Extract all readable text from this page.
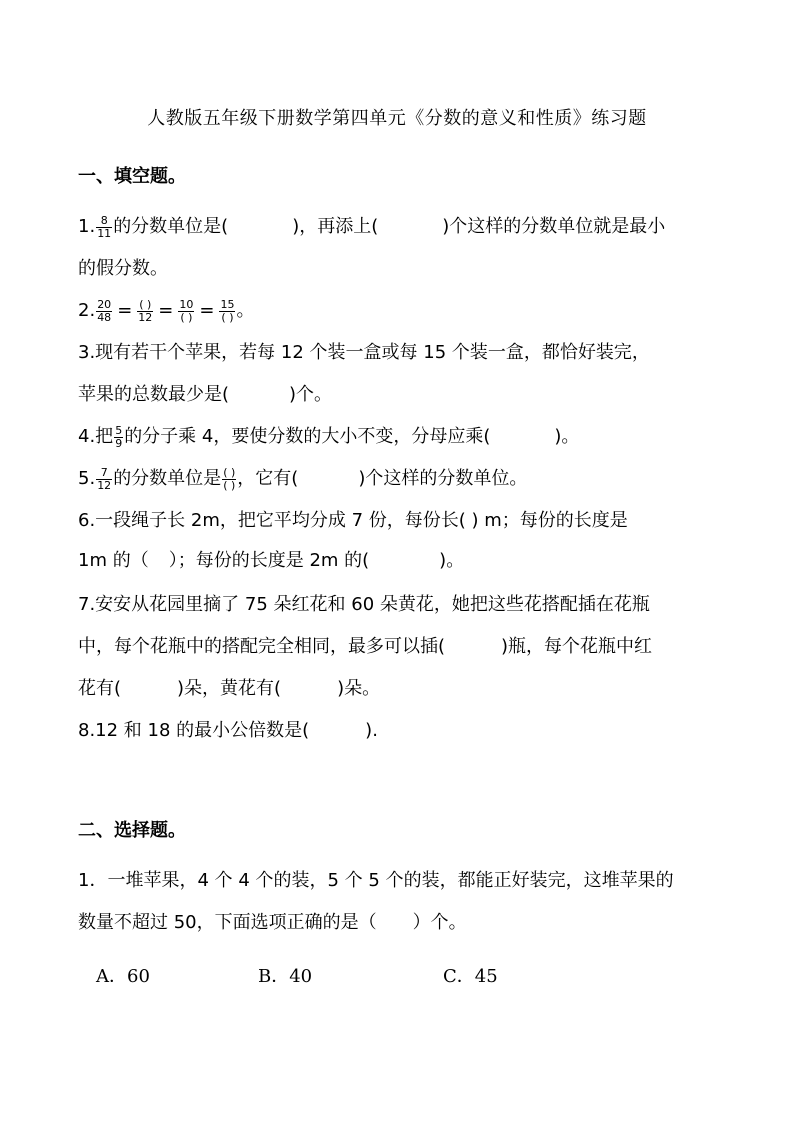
人教版五年级下册数学第四单元《分数的意义和性质》练习题
一、填空题。
1. $\frac{8}{11}$ 的分数单位是(	)，再添上(	)个这样的分数单位就是最小
的假分数。
2. $\frac{20}{48} = \frac{( )}{12} = \frac{10}{( )} = \frac{15}{( )}$ 。
3.现有若干个苹果，若每 12 个装一盒或每 15 个装一盒，都恰好装完，
苹果的总数最少是(	)个。
4.把 $\frac{5}{9}$ 的分子乘 4，要使分数的大小不变，分母应乘(	)。
5. $\frac{7}{12}$ 的分数单位是 $\frac{( )}{( )}$ ，它有(	)个这样的分数单位。
6.一段绳子长 2m，把它平均分成 7 份，每份长( ) m；每份的长度是
1m 的（ ）；每份的长度是 2m 的(	)。
7.安安从花园里摘了 75 朵红花和 60 朵黄花，她把这些花搭配插在花瓶
中，每个花瓶中的搭配完全相同，最多可以插(	)瓶，每个花瓶中红
花有(	)朵，黄花有(	)朵。
8.12 和 18 的最小公倍数是(	).
二、选择题。
1．一堆苹果，4 个 4 个的装，5 个 5 个的装，都能正好装完，这堆苹果的
数量不超过 50，下面选项正确的是（ ）个。
A．60	B．40	C．45
